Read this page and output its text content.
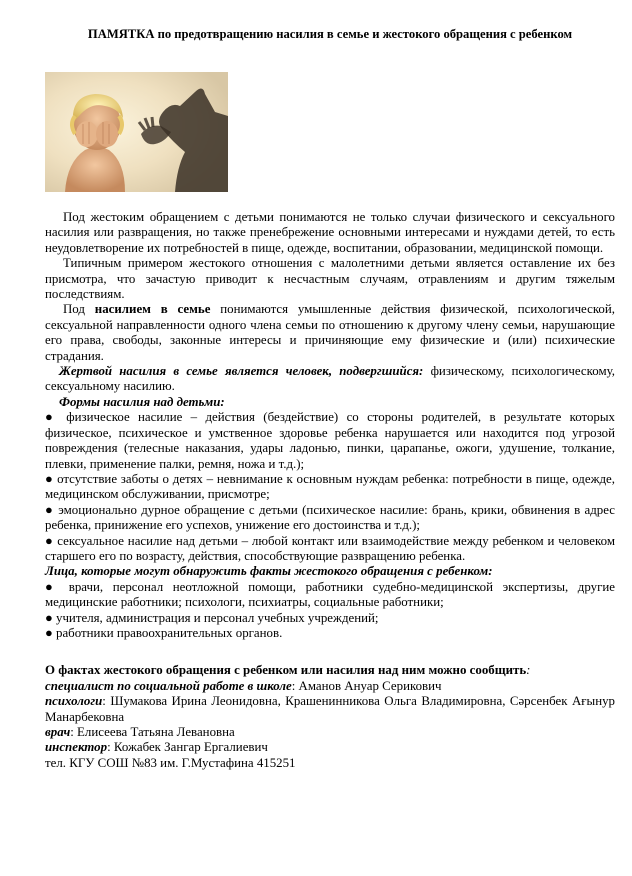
ПАМЯТКА по предотвращению насилия в семье и жестокого обращения с ребенком

Под жестоким обращением с детьми понимаются не только случаи физического и сексуального насилия или развращения, но также пренебрежение основными интересами и нуждами детей, то есть неудовлетворение их потребностей в пище, одежде, воспитании, образовании, медицинской помощи.

Типичным примером жестокого отношения с малолетними детьми является оставление их без присмотра, что зачастую приводит к несчастным случаям, отравлениям и другим тяжелым последствиям.

Под насилием в семье понимаются умышленные действия физической, психологической, сексуальной направленности одного члена семьи по отношению к другому члену семьи, нарушающие его права, свободы, законные интересы и причиняющие ему физические и (или) психические страдания.

Жертвой насилия в семье является человек, подвергшийся: физическому, психологическому, сексуальному насилию.

Формы насилия над детьми:

● физическое насилие – действия (бездействие) со стороны родителей, в результате которых физическое, психическое и умственное здоровье ребенка нарушается или находится под угрозой повреждения (телесные наказания, удары ладонью, пинки, царапанье, ожоги, удушение, толкание, плевки, применение палки, ремня, ножа и т.д.);

● отсутствие заботы о детях – невнимание к основным нуждам ребенка: потребности в пище, одежде, медицинском обслуживании, присмотре;

● эмоционально дурное обращение с детьми (психическое насилие: брань, крики, обвинения в адрес ребенка, принижение его успехов, унижение его достоинства и т.д.);

● сексуальное насилие над детьми – любой контакт или взаимодействие между ребенком и человеком старшего его по возрасту, действия, способствующие развращению ребенка.

Лица, которые могут обнаружить факты жестокого обращения с ребенком:

● врачи, персонал неотложной помощи, работники судебно-медицинской экспертизы, другие медицинские работники; психологи, психиатры, социальные работники;

● учителя, администрация и персонал учебных учреждений;

● работники правоохранительных органов.

О фактах жестокого обращения с ребенком или насилия над ним можно сообщить:

специалист по социальной работе в школе: Аманов Ануар Серикович

психологи: Шумакова Ирина Леонидовна, Крашенинникова Ольга Владимировна, Сәрсенбек Ағынур Манарбековна

врач: Елисеева Татьяна Левановна

инспектор: Кожабек Зангар Ергалиевич

тел. КГУ СОШ №83 им. Г.Мустафина 415251
